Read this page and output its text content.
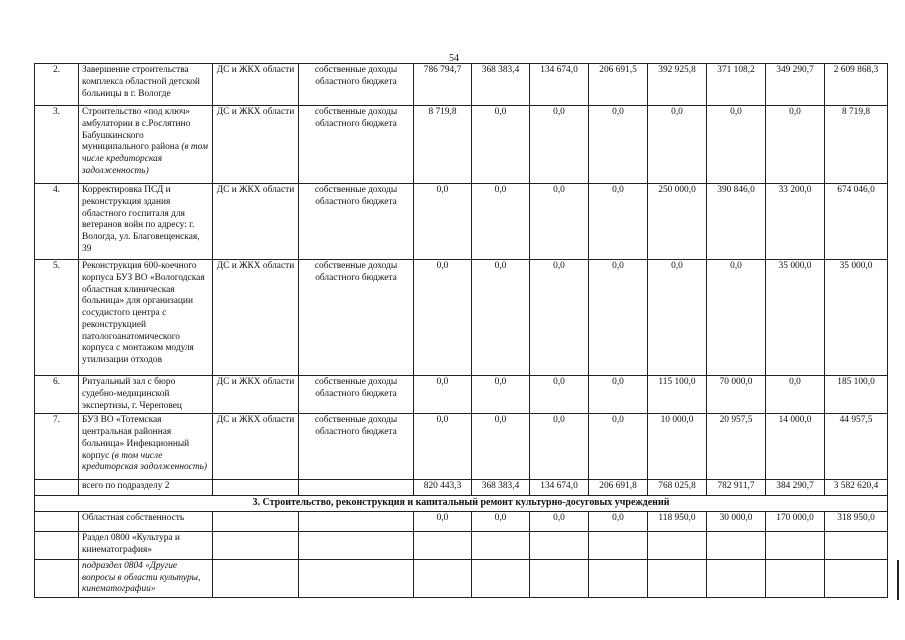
54
2.	Завершение строительства комплекса областной детской больницы в г. Вологде	ДС и ЖКХ области	собственные доходы областного бюджета	786 794,7	368 383,4	134 674,0	206 691,5	392 925,8	371 108,2	349 290,7	2 609 868,3
3.	Строительство «под ключ» амбулатории в с.Рослятино Бабушкинского муниципального района (в том числе кредиторская задолженность)	ДС и ЖКХ области	собственные доходы областного бюджета	8 719,8	0,0	0,0	0,0	0,0	0,0	0,0	8 719,8
4.	Корректировка ПСД и реконструкция здания областного госпиталя для ветеранов войн по адресу: г. Вологда, ул. Благовещенская, 39	ДС и ЖКХ области	собственные доходы областного бюджета	0,0	0,0	0,0	0,0	250 000,0	390 846,0	33 200,0	674 046,0
5.	Реконструкция 600-коечного корпуса БУЗ ВО «Вологодская областная клиническая больница» для организации сосудистого центра с реконструкцией патологоанатомического корпуса с монтажом модуля утилизации отходов	ДС и ЖКХ области	собственные доходы областного бюджета	0,0	0,0	0,0	0,0	0,0	0,0	35 000,0	35 000,0
6.	Ритуальный зал с бюро судебно-медицинской экспертизы, г. Череповец	ДС и ЖКХ области	собственные доходы областного бюджета	0,0	0,0	0,0	0,0	115 100,0	70 000,0	0,0	185 100,0
7.	БУЗ ВО «Тотемская центральная районная больница» Инфекционный корпус (в том числе кредиторская задолженность)	ДС и ЖКХ области	собственные доходы областного бюджета	0,0	0,0	0,0	0,0	10 000,0	20 957,5	14 000,0	44 957,5
	всего по подразделу 2			820 443,3	368 383,4	134 674,0	206 691,8	768 025,8	782 911,7	384 290,7	3 582 620,4
3. Строительство, реконструкция и капитальный ремонт культурно-досуговых учреждений											
	Областная собственность			0,0	0,0	0,0	0,0	118 950,0	30 000,0	170 000,0	318 950,0
	Раздел 0800 «Культура и кинематография»										
	подраздел 0804 «Другие вопросы в области культуры, кинематографии»										
